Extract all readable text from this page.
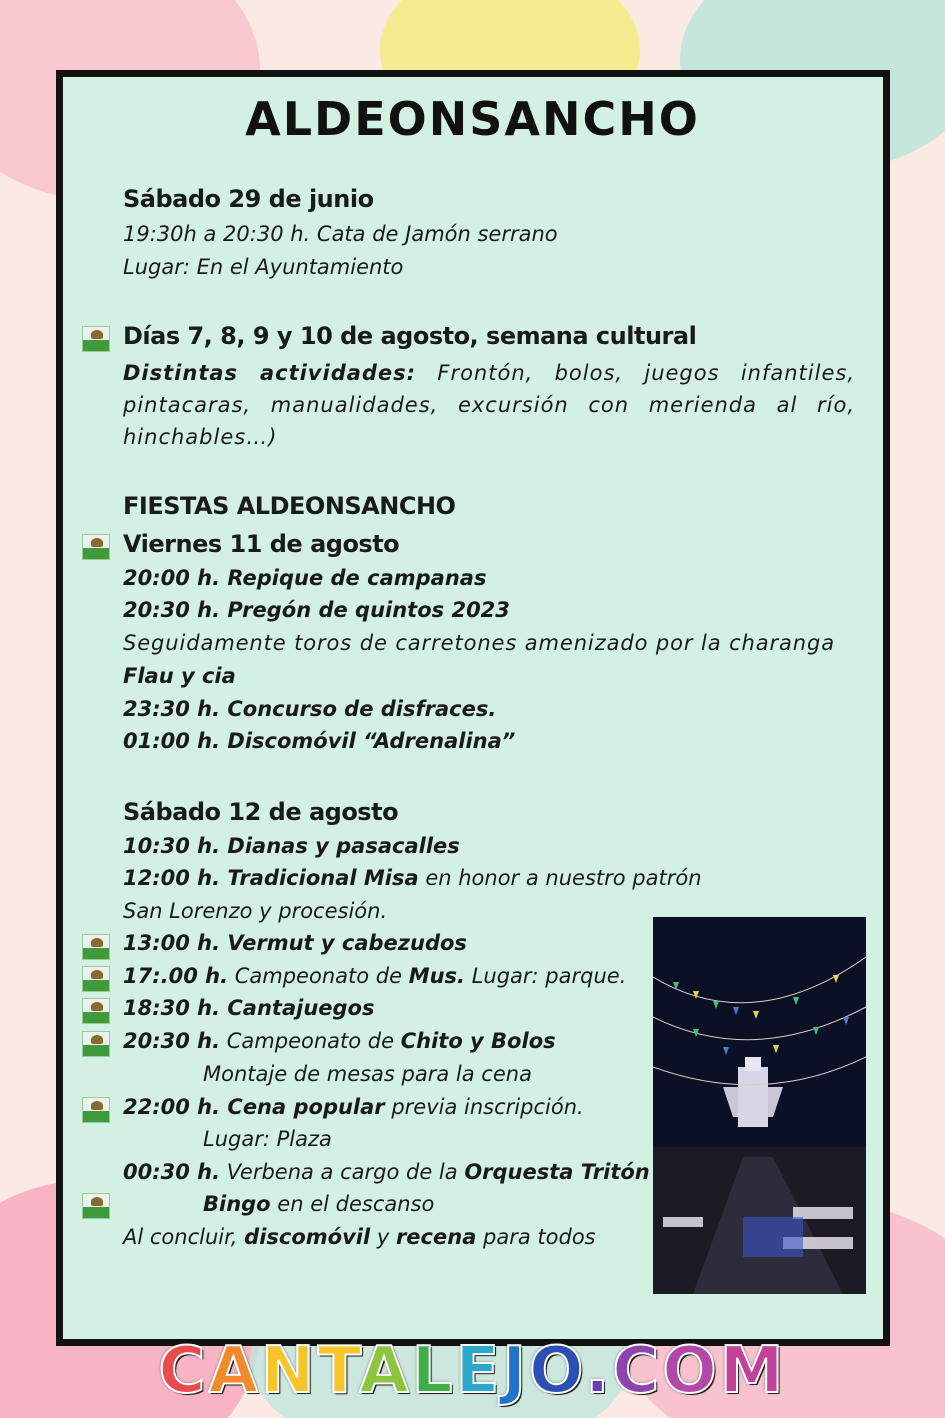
ALDEONSANCHO
Sábado 29 de junio
19:30h a 20:30 h. Cata de Jamón serrano
Lugar: En el Ayuntamiento
Días 7, 8, 9 y 10 de agosto, semana cultural
Distintas actividades: Frontón, bolos, juegos infantiles, pintacaras, manualidades, excursión con merienda al río, hinchables…)
FIESTAS ALDEONSANCHO
Viernes 11 de agosto
20:00 h. Repique de campanas
20:30 h. Pregón de quintos 2023
Seguidamente toros de carretones amenizado por la charanga
Flau y cia
23:30 h. Concurso de disfraces.
01:00 h. Discomóvil “Adrenalina”
Sábado 12 de agosto
10:30 h. Dianas y pasacalles
12:00 h. Tradicional Misa en honor a nuestro patrón
San Lorenzo y procesión.
13:00 h. Vermut y cabezudos
17:.00 h. Campeonato de Mus. Lugar: parque.
18:30 h. Cantajuegos
20:30 h. Campeonato de Chito y Bolos
Montaje de mesas para la cena
22:00 h. Cena popular previa inscripción.
Lugar: Plaza
00:30 h. Verbena a cargo de la Orquesta Tritón
Bingo en el descanso
Al concluir, discomóvil y recena para todos
CANTALEJO.COM
